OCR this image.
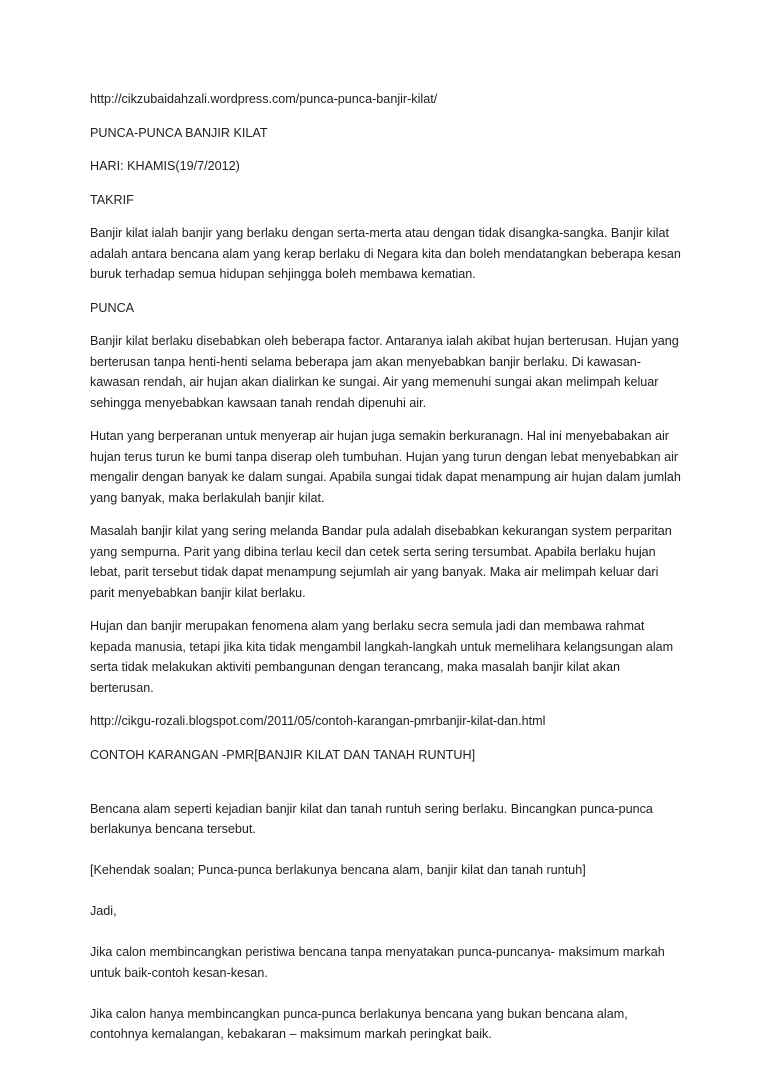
http://cikzubaidahzali.wordpress.com/punca-punca-banjir-kilat/

PUNCA-PUNCA BANJIR KILAT

HARI: KHAMIS(19/7/2012)

TAKRIF

Banjir kilat ialah banjir yang berlaku dengan serta-merta atau dengan tidak disangka-sangka. Banjir kilat adalah antara bencana alam yang kerap berlaku di Negara kita dan boleh mendatangkan beberapa kesan buruk terhadap semua hidupan sehjingga boleh membawa kematian.

PUNCA

Banjir kilat berlaku disebabkan oleh beberapa factor. Antaranya ialah akibat hujan berterusan. Hujan yang berterusan tanpa henti-henti selama beberapa jam akan menyebabkan banjir berlaku. Di kawasan-kawasan rendah, air hujan akan dialirkan ke sungai. Air yang memenuhi sungai akan melimpah keluar sehingga menyebabkan kawsaan tanah rendah dipenuhi air.

Hutan yang berperanan untuk menyerap air hujan juga semakin berkuranagn. Hal ini menyebabakan air hujan terus turun ke bumi tanpa diserap oleh tumbuhan. Hujan yang turun dengan lebat menyebabkan air mengalir dengan banyak ke dalam sungai. Apabila sungai tidak dapat menampung air hujan dalam jumlah yang banyak, maka berlakulah banjir kilat.

Masalah banjir kilat yang sering melanda Bandar pula adalah disebabkan kekurangan system perparitan yang sempurna. Parit yang dibina terlau kecil dan cetek serta sering tersumbat. Apabila berlaku hujan lebat, parit tersebut tidak dapat menampung sejumlah air yang banyak. Maka air melimpah keluar dari parit menyebabkan banjir kilat berlaku.

Hujan dan banjir merupakan fenomena alam yang berlaku secra semula jadi dan membawa rahmat kepada manusia, tetapi jika kita tidak mengambil langkah-langkah untuk memelihara kelangsungan alam serta tidak melakukan aktiviti pembangunan dengan terancang, maka masalah banjir kilat akan berterusan.

http://cikgu-rozali.blogspot.com/2011/05/contoh-karangan-pmrbanjir-kilat-dan.html

CONTOH KARANGAN -PMR[BANJIR KILAT DAN TANAH RUNTUH]

Bencana alam seperti kejadian banjir kilat dan tanah runtuh sering berlaku. Bincangkan punca-punca berlakunya bencana tersebut.

[Kehendak soalan; Punca-punca berlakunya bencana alam, banjir kilat dan tanah runtuh]

Jadi,

Jika calon membincangkan peristiwa bencana tanpa menyatakan punca-puncanya- maksimum markah untuk baik-contoh kesan-kesan.

Jika calon hanya membincangkan punca-punca berlakunya bencana yang bukan bencana alam, contohnya kemalangan, kebakaran – maksimum markah peringkat baik.
